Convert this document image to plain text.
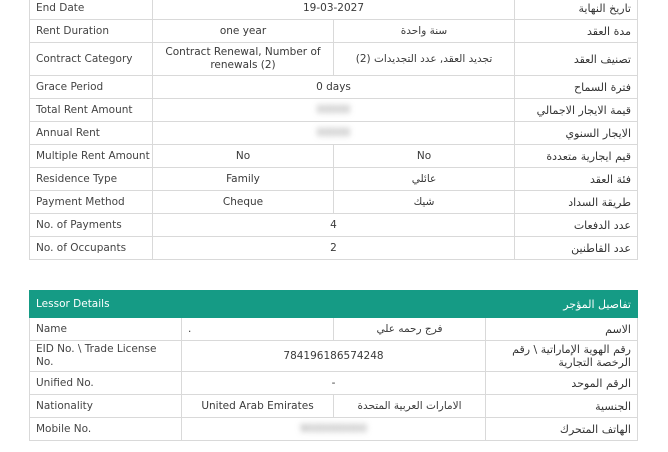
End Date	19-03-2027		تاريخ النهاية
Rent Duration	one year	سنة واحدة	مدة العقد
Contract Category	Contract Renewal, Number of renewals (2)	تجديد العقد, عدد التجديدات (2)	تصنيف العقد
Grace Period	0 days		فترة السماح
Total Rent Amount	00000		قيمة الايجار الاجمالي
Annual Rent	00000		الايجار السنوي
Multiple Rent Amount	No	No	قيم ايجارية متعددة
Residence Type	Family	عائلي	فئة العقد
Payment Method	Cheque	شيك	طريقة السداد
No. of Payments	4		عدد الدفعات
No. of Occupants	2		عدد القاطنين
Lessor Details		تفاصيل المؤجر	
Name	.	فرج رحمه علي	الاسم
EID No. \ Trade License No.	784196186574248		رقم الهوية الإماراتية \ رقم الرخصة التجارية
Unified No.	-		الرقم الموحد
Nationality	United Arab Emirates	الامارات العربية المتحدة	الجنسية
Mobile No.	9000000000		الهاتف المتحرك
